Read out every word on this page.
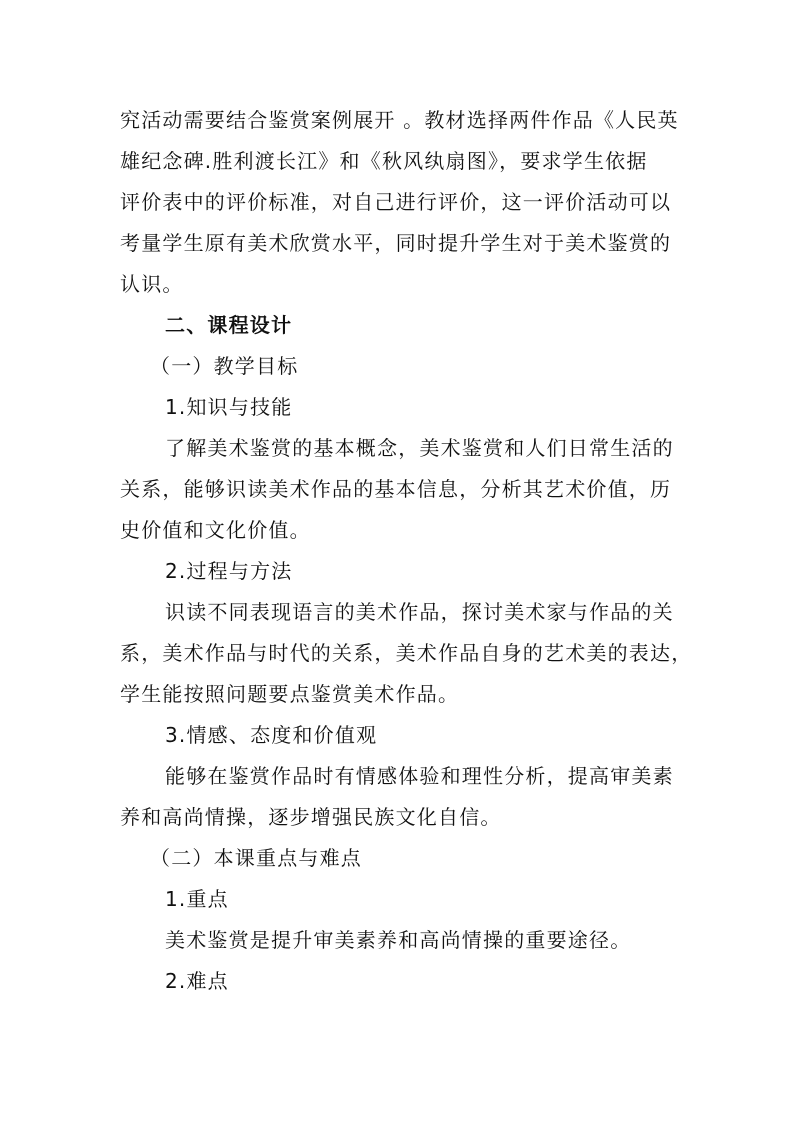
究活动需要结合鉴赏案例展开 。教材选择两件作品《人民英
雄纪念碑.胜利渡长江》和《秋风纨扇图》，要求学生依据
评价表中的评价标准，对自己进行评价，这一评价活动可以
考量学生原有美术欣赏水平，同时提升学生对于美术鉴赏的
认识。
二、课程设计
（一）教学目标
1.知识与技能
了解美术鉴赏的基本概念，美术鉴赏和人们日常生活的
关系，能够识读美术作品的基本信息，分析其艺术价值，历
史价值和文化价值。
2.过程与方法
识读不同表现语言的美术作品，探讨美术家与作品的关
系，美术作品与时代的关系，美术作品自身的艺术美的表达，
学生能按照问题要点鉴赏美术作品。
3.情感、态度和价值观
能够在鉴赏作品时有情感体验和理性分析，提高审美素
养和高尚情操，逐步增强民族文化自信。
（二）本课重点与难点
1.重点
美术鉴赏是提升审美素养和高尚情操的重要途径。
2.难点
